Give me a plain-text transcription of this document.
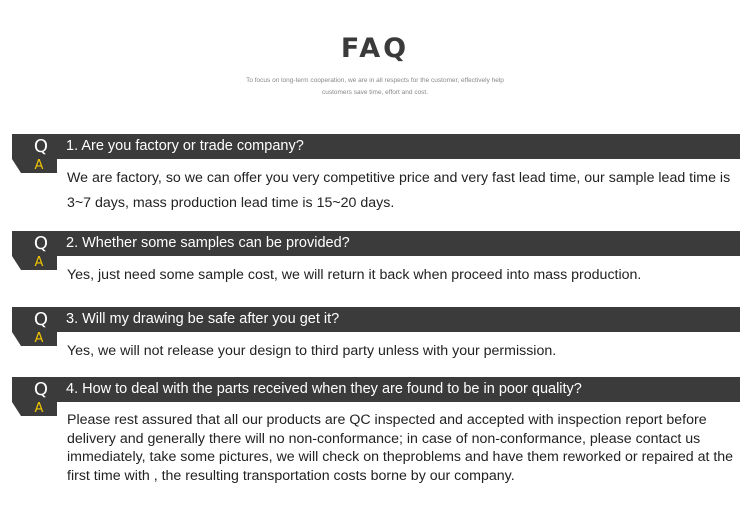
FAQ
To focus on long-term cooperation, we are in all respects for the customer, effectively help
customers save time, effort and cost.
Q	1. Are you factory or trade company?
A
We are factory, so we can offer you very competitive price and very fast lead time, our sample lead time is 3~7 days, mass production lead time is 15~20 days.
Q	2. Whether some samples can be provided?
A
Yes, just need some sample cost, we will return it back when proceed into mass production.
Q	3. Will my drawing be safe after you get it?
A
Yes, we will not release your design to third party unless with your permission.
Q	4. How to deal with the parts received when they are found to be in poor quality?
A
Please rest assured that all our products are QC inspected and accepted with inspection report before delivery and generally there will no non-conformance; in case of non-conformance, please contact us immediately, take some pictures, we will check on theproblems and have them reworked or repaired at the first time with , the resulting transportation costs borne by our company.
